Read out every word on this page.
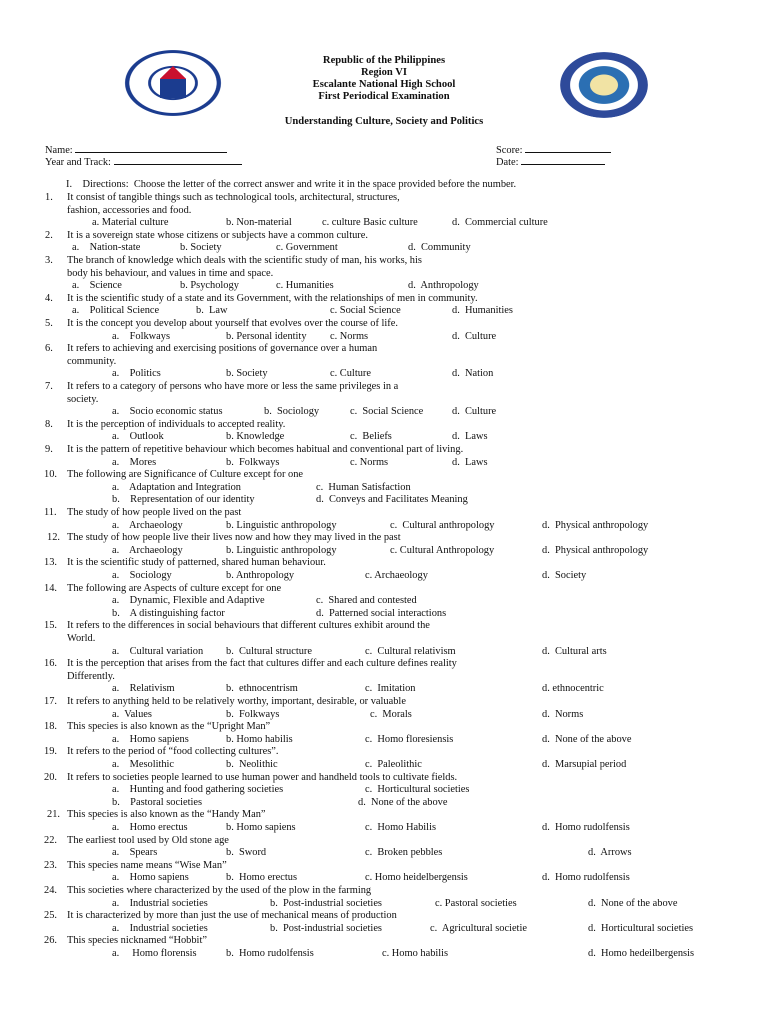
Republic of the Philippines
Region VI
Escalante National High School
First Periodical Examination
Understanding Culture, Society and Politics
Name:
Year and Track:
Score:
Date:
I.    Directions:  Choose the letter of the correct answer and write it in the space provided before the number.
1. It consist of tangible things such as technological tools, architectural, structures,
fashion, accessories and food.
a. Material culture	b. Non-material	c. culture Basic culture	d.  Commercial culture
2. It is a sovereign state whose citizens or subjects have a common culture.
a.    Nation-state	b. Society	c. Government	d.  Community
3. The branch of knowledge which deals with the scientific study of man, his works, his
body his behaviour, and values in time and space.
a.    Science	b. Psychology	c. Humanities	d.  Anthropology
4. It is the scientific study of a state and its Government, with the relationships of men in community.
a.    Political Science	b.  Law	c. Social Science	d.  Humanities
5. It is the concept you develop about yourself that evolves over the course of life.
a.    Folkways	b. Personal identity c. Norms	d.  Culture
6. It refers to achieving and exercising positions of governance over a human
community.
a.    Politics	b. Society	c. Culture	d.  Nation
7. It refers to a category of persons who have more or less the same privileges in a
society.
a.    Socio economic status	b.  Sociology	c.  Social Science	d.  Culture
8. It is the perception of individuals to accepted reality.
a.    Outlook	b. Knowledge	c.  Beliefs	d.  Laws
9. It is the pattern of repetitive behaviour which becomes habitual and conventional part of living.
a.    Mores	b.  Folkways	c. Norms	d.  Laws
10. The following are Significance of Culture except for one
a.    Adaptation and Integration	c.  Human Satisfaction
b.    Representation of our identity	d.  Conveys and Facilitates Meaning
11. The study of how people lived on the past
a.    Archaeology	b. Linguistic anthropology	c.  Cultural anthropology	d.  Physical anthropology
12. The study of how people live their lives now and how they may lived in the past
a.    Archaeology	b. Linguistic anthropology	c. Cultural Anthropology	d.  Physical anthropology
13. It is the scientific study of patterned, shared human behaviour.
a.    Sociology	b. Anthropology	c. Archaeology	d.  Society
14. The following are Aspects of culture except for one
a.    Dynamic, Flexible and Adaptive	c.  Shared and contested
b.    A distinguishing factor	d.  Patterned social interactions
15. It refers to the differences in social behaviours that different cultures exhibit around the
World.
a.    Cultural variation b.  Cultural structure	c.  Cultural relativism	d.  Cultural arts
16. It is the perception that arises from the fact that cultures differ and each culture defines reality
Differently.
a.    Relativism	b.  ethnocentrism	c.  Imitation	d. ethnocentric
17. It refers to anything held to be relatively worthy, important, desirable, or valuable
a.  Values	b.  Folkways	c.  Morals	d.  Norms
18. This species is also known as the “Upright Man”
a.    Homo sapiens	b. Homo habilis	c.  Homo floresiensis	d.  None of the above
19. It refers to the period of “food collecting cultures”.
a.    Mesolithic	b.  Neolithic	c.  Paleolithic	d.  Marsupial period
20. It refers to societies people learned to use human power and handheld tools to cultivate fields.
a.    Hunting and food gathering societies	c.  Horticultural societies
b.    Pastoral societies	d.  None of the above
21. This species is also known as the “Handy Man”
a.    Homo erectus	b. Homo sapiens	c.  Homo Habilis	d.  Homo rudolfensis
22. The earliest tool used by Old stone age
a.    Spears	b.  Sword	c.  Broken pebbles	d.  Arrows
23. This species name means “Wise Man”
a.    Homo sapiens	b.  Homo erectus	c. Homo heidelbergensis	d.  Homo rudolfensis
24. This societies where characterized by the used of the plow in the farming
a.    Industrial societies	b.  Post-industrial societies	c. Pastoral societies	d.  None of the above
25. It is characterized by more than just the use of mechanical means of production
a.    Industrial societies	b.  Post-industrial societies	c.  Agricultural societie	d.  Horticultural societies
26. This species nicknamed “Hobbit”
a.     Homo florensis	b.  Homo rudolfensis	c. Homo habilis	d.  Homo hedeilbergensis
